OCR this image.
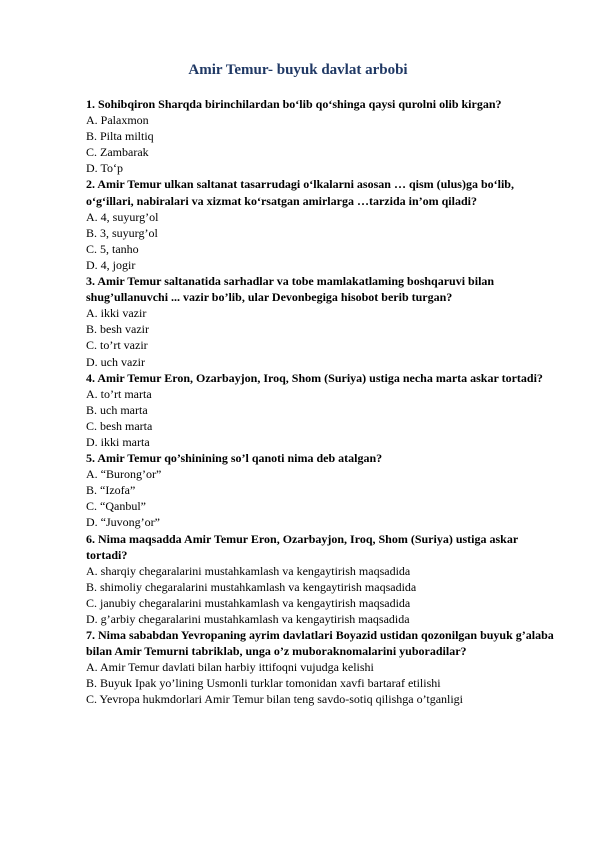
Amir Temur- buyuk davlat arbobi

1. Sohibqiron Sharqda birinchilardan bo‘lib qo‘shinga qaysi qurolni olib kirgan?

A. Palaxmon

B. Pilta miltiq

C. Zambarak

D. To‘p

2. Amir Temur ulkan saltanat tasarrudagi o‘lkalarni asosan … qism (ulus)ga bo‘lib, o‘g‘illari, nabiralari va xizmat ko‘rsatgan amirlarga …tarzida in’om qiladi?

A. 4, suyurg’ol

B. 3, suyurg’ol

C. 5, tanho

D. 4, jogir

3. Amir Temur saltanatida sarhadlar va tobe mamlakatlaming boshqaruvi bilan shug’ullanuvchi ... vazir bo’lib, ular Devonbegiga hisobot berib turgan?

A. ikki vazir

B. besh vazir

C. to’rt vazir

D. uch vazir

4. Amir Temur Eron, Ozarbayjon, Iroq, Shom (Suriya) ustiga necha marta askar tortadi?

A. to’rt marta

B. uch marta

C. besh marta

D. ikki marta

5. Amir Temur qo’shinining so’l qanoti nima deb atalgan?

A. “Burong’or”

B. “Izofa”

C. “Qanbul”

D. “Juvong’or”

6. Nima maqsadda Amir Temur Eron, Ozarbayjon, Iroq, Shom (Suriya) ustiga askar tortadi?

A. sharqiy chegaralarini mustahkamlash va kengaytirish maqsadida

B. shimoliy chegaralarini mustahkamlash va kengaytirish maqsadida

C. janubiy chegaralarini mustahkamlash va kengaytirish maqsadida

D. g’arbiy chegaralarini mustahkamlash va kengaytirish maqsadida

7. Nima sababdan Yevropaning ayrim davlatlari Boyazid ustidan qozonilgan buyuk g’alaba bilan Amir Temurni tabriklab, unga o’z muboraknomalarini yuboradilar?

A. Amir Temur davlati bilan harbiy ittifoqni vujudga kelishi

B. Buyuk Ipak yo’lining Usmonli turklar tomonidan xavfi bartaraf etilishi

C. Yevropa hukmdorlari Amir Temur bilan teng savdo-sotiq qilishga o’tganligi
